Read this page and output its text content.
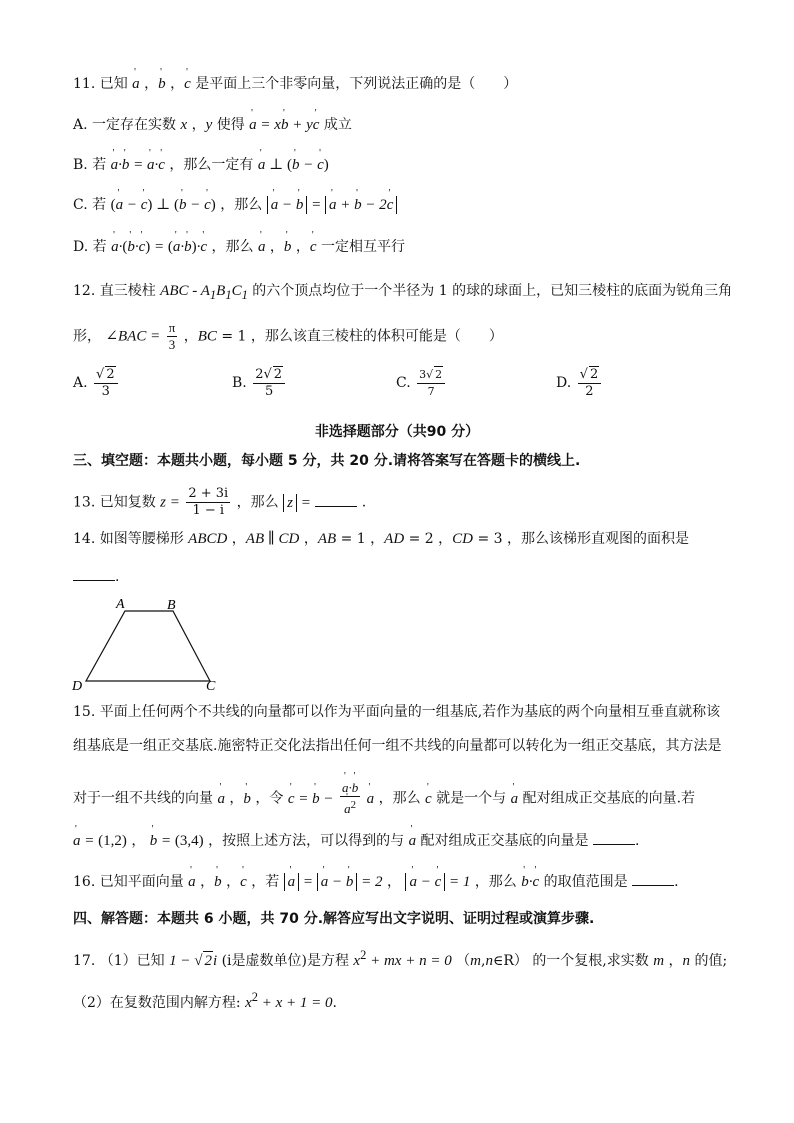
11. 已知 ' a ，' b ，' c 是平面上三个非零向量，下列说法正确的是（　　）
A. 一定存在实数 x ，y 使得 ' a = x' b + y' c 成立
B. 若 ' a·' b = ' a·' c ，那么一定有 ' a ⊥ (' b − ' c)
C. 若 (' a − ' c) ⊥ (' b − ' c) ，那么 ' a − ' b = ' a + ' b − 2' c
D. 若 ' a·(' b·' c) = (' a·' b)·' c ，那么 ' a ，' b ，' c 一定相互平行
12. 直三棱柱 ABC - $A_1B_1C_1$ 的六个顶点均位于一个半径为 1 的球的球面上，已知三棱柱的底面为锐角三角
形， ∠BAC = $\frac{\pi}{3}$ ，BC = 1 ，那么该直三棱柱的体积可能是（　　）
A. $\frac{√ 2}{3}$	B. $\frac{2√ 2}{5}$	C. $\frac{3√ 2}{7}$	D. $\frac{√ 2}{2}$
非选择题部分（共90 分）
三、填空题：本题共小题，每小题 5 分，共 20 分.请将答案写在答题卡的横线上.
13. 已知复数 $z = \frac{2 + 3i}{1 - i}$ ，那么 z =	.
14. 如图等腰梯形 ABCD ，AB ∥ CD ，AB = 1 ，AD = 2 ，CD = 3 ，那么该梯形直观图的面积是
.
A	B
C
D
15. 平面上任何两个不共线的向量都可以作为平面向量的一组基底,若作为基底的两个向量相互垂直就称该
组基底是一组正交基底.施密特正交化法指出任何一组不共线的向量都可以转化为一组正交基底，其方法是
对于一组不共线的向量 ' a ，' b ，令 ' c = ' b − ' a·' b
' $a^2$ ' a ，那么 ' c 就是一个与 ' a 配对组成正交基底的向量.若
' a = (1,2) ， ' b = (3,4) ，按照上述方法，可以得到的与 ' a 配对组成正交基底的向量是	.
16. 已知平面向量 ' a ，' b ，' c ，若 ' a = ' a − ' b = 2 ， ' a − ' c = 1 ，那么 ' b·' c 的取值范围是	.
四、解答题：本题共 6 小题，共 70 分.解答应写出文字说明、证明过程或演算步骤.
17. （1）已知 1 − √ 2i (i是虚数单位)是方程 $x^2$ + mx + n = 0 （m,n∈R） 的一个复根,求实数 m ，n 的值;
（2）在复数范围内解方程: $x^2 + x + 1 = 0$.
